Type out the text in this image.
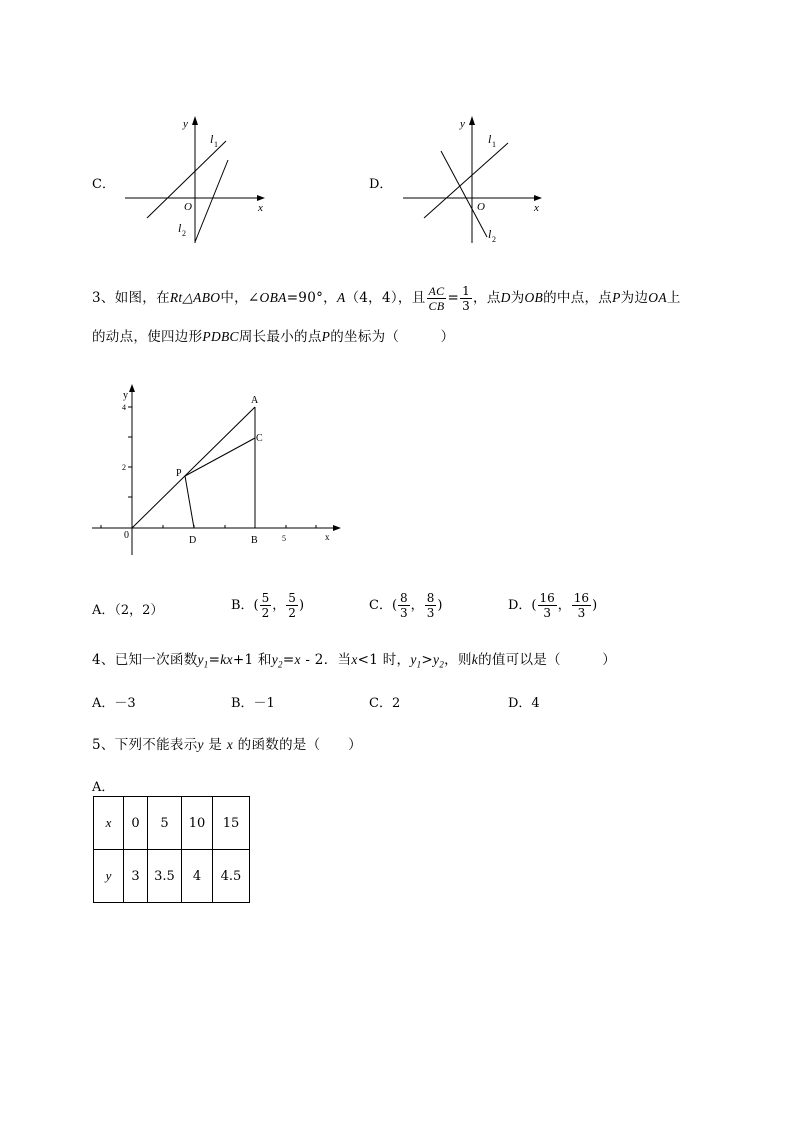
C．
y
x
O
l 1
l 2
D．
y
x
O
l 1
l 2
3、如图，在Rt△ABO中，∠OBA=90°，A（4，4），且 $\frac{AC}{CB} = \frac{1}{3}$ ，点D为OB的中点，点P为边OA上
的动点，使四边形PDBC周长最小的点P的坐标为（　　　）
y
x
0
4
2
5
A
C
P
D	B
A．（2，2）	B．( $\frac{5}{2}$ ， $\frac{5}{2}$ )	C．( $\frac{8}{3}$ ， $\frac{8}{3}$ )	D．( $\frac{16}{3}$ ， $\frac{16}{3}$ )
4、已知一次函数$y_1=kx+1$ 和$y_2=x - 2$．当x<1 时，$y_1>y_2$，则k的值可以是（　　　）
A．－3	B．－1	C．2	D．4
5、下列不能表示y 是 x 的函数的是（　　）
A．
x	0	5	10	15
y	3	3.5	4	4.5
